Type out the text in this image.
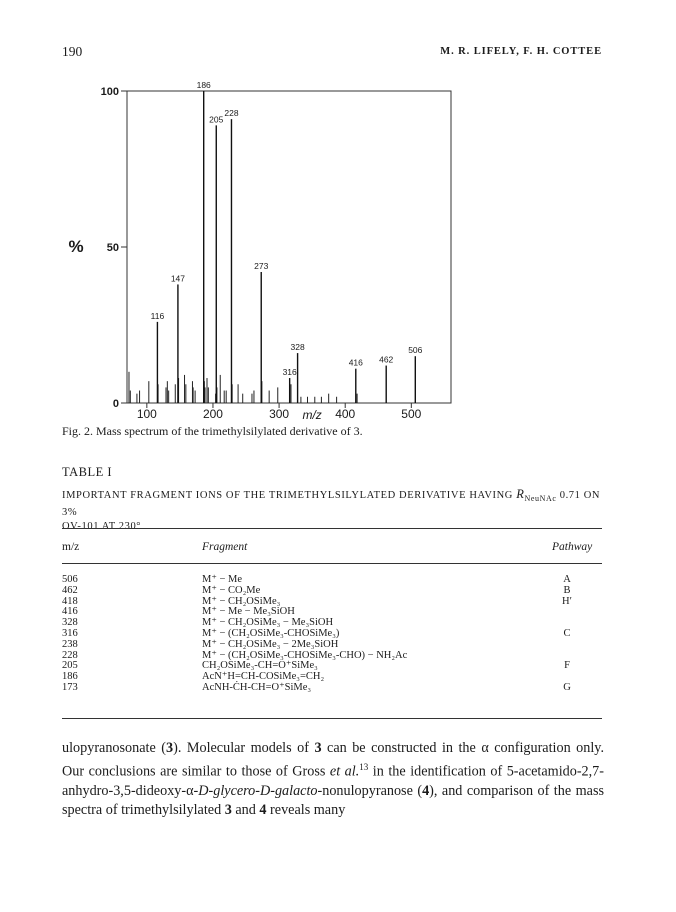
190	M. R. LIFELY, F. H. COTTEE
0
50
100
%
100	200	300	400	500
m/z
116
147
186
205
228
273
316
328
416 462
506
Fig. 2. Mass spectrum of the trimethylsilylated derivative of 3.
TABLE I
IMPORTANT FRAGMENT IONS OF THE TRIMETHYLSILYLATED DERIVATIVE HAVING $R_{NeuNAc}$ 0.71 ON 3%
OV-101 AT 230°
m/z	Fragment	Pathway
506	M⁺ − Me	A
462	M⁺ − CO₂Me	B
418	M⁺ − CH₂OSiMe₃	H′
416	M⁺ − Me − Me₃SiOH
328	M⁺ − CH₂OSiMe₃ − Me₃SiOH
316	M⁺ − (CH₂OSiMe₃-CHOSiMe₃)	C
238	M⁺ − CH₂OSiMe₃ − 2Me₃SiOH
228	M⁺ − (CH₂OSiMe₃-CHOSiMe₃-CHO) − NH₂Ac
205	CH₂OSiMe₃-CH=O⁺SiMe₃	F
186	AcN⁺H=CH-COSiMe₃=CH₂
173	AcNH-ĊH-CH=O⁺SiMe₃	G

ulopyranosonate (3). Molecular models of 3 can be constructed in the α configuration only. Our conclusions are similar to those of Gross et al.$^{13}$ in the identification of 5-acetamido-2,7-anhydro-3,5-dideoxy-α-D-glycero-D-galacto-nonulopyranose (4), and comparison of the mass spectra of trimethylsilylated 3 and 4 reveals many
